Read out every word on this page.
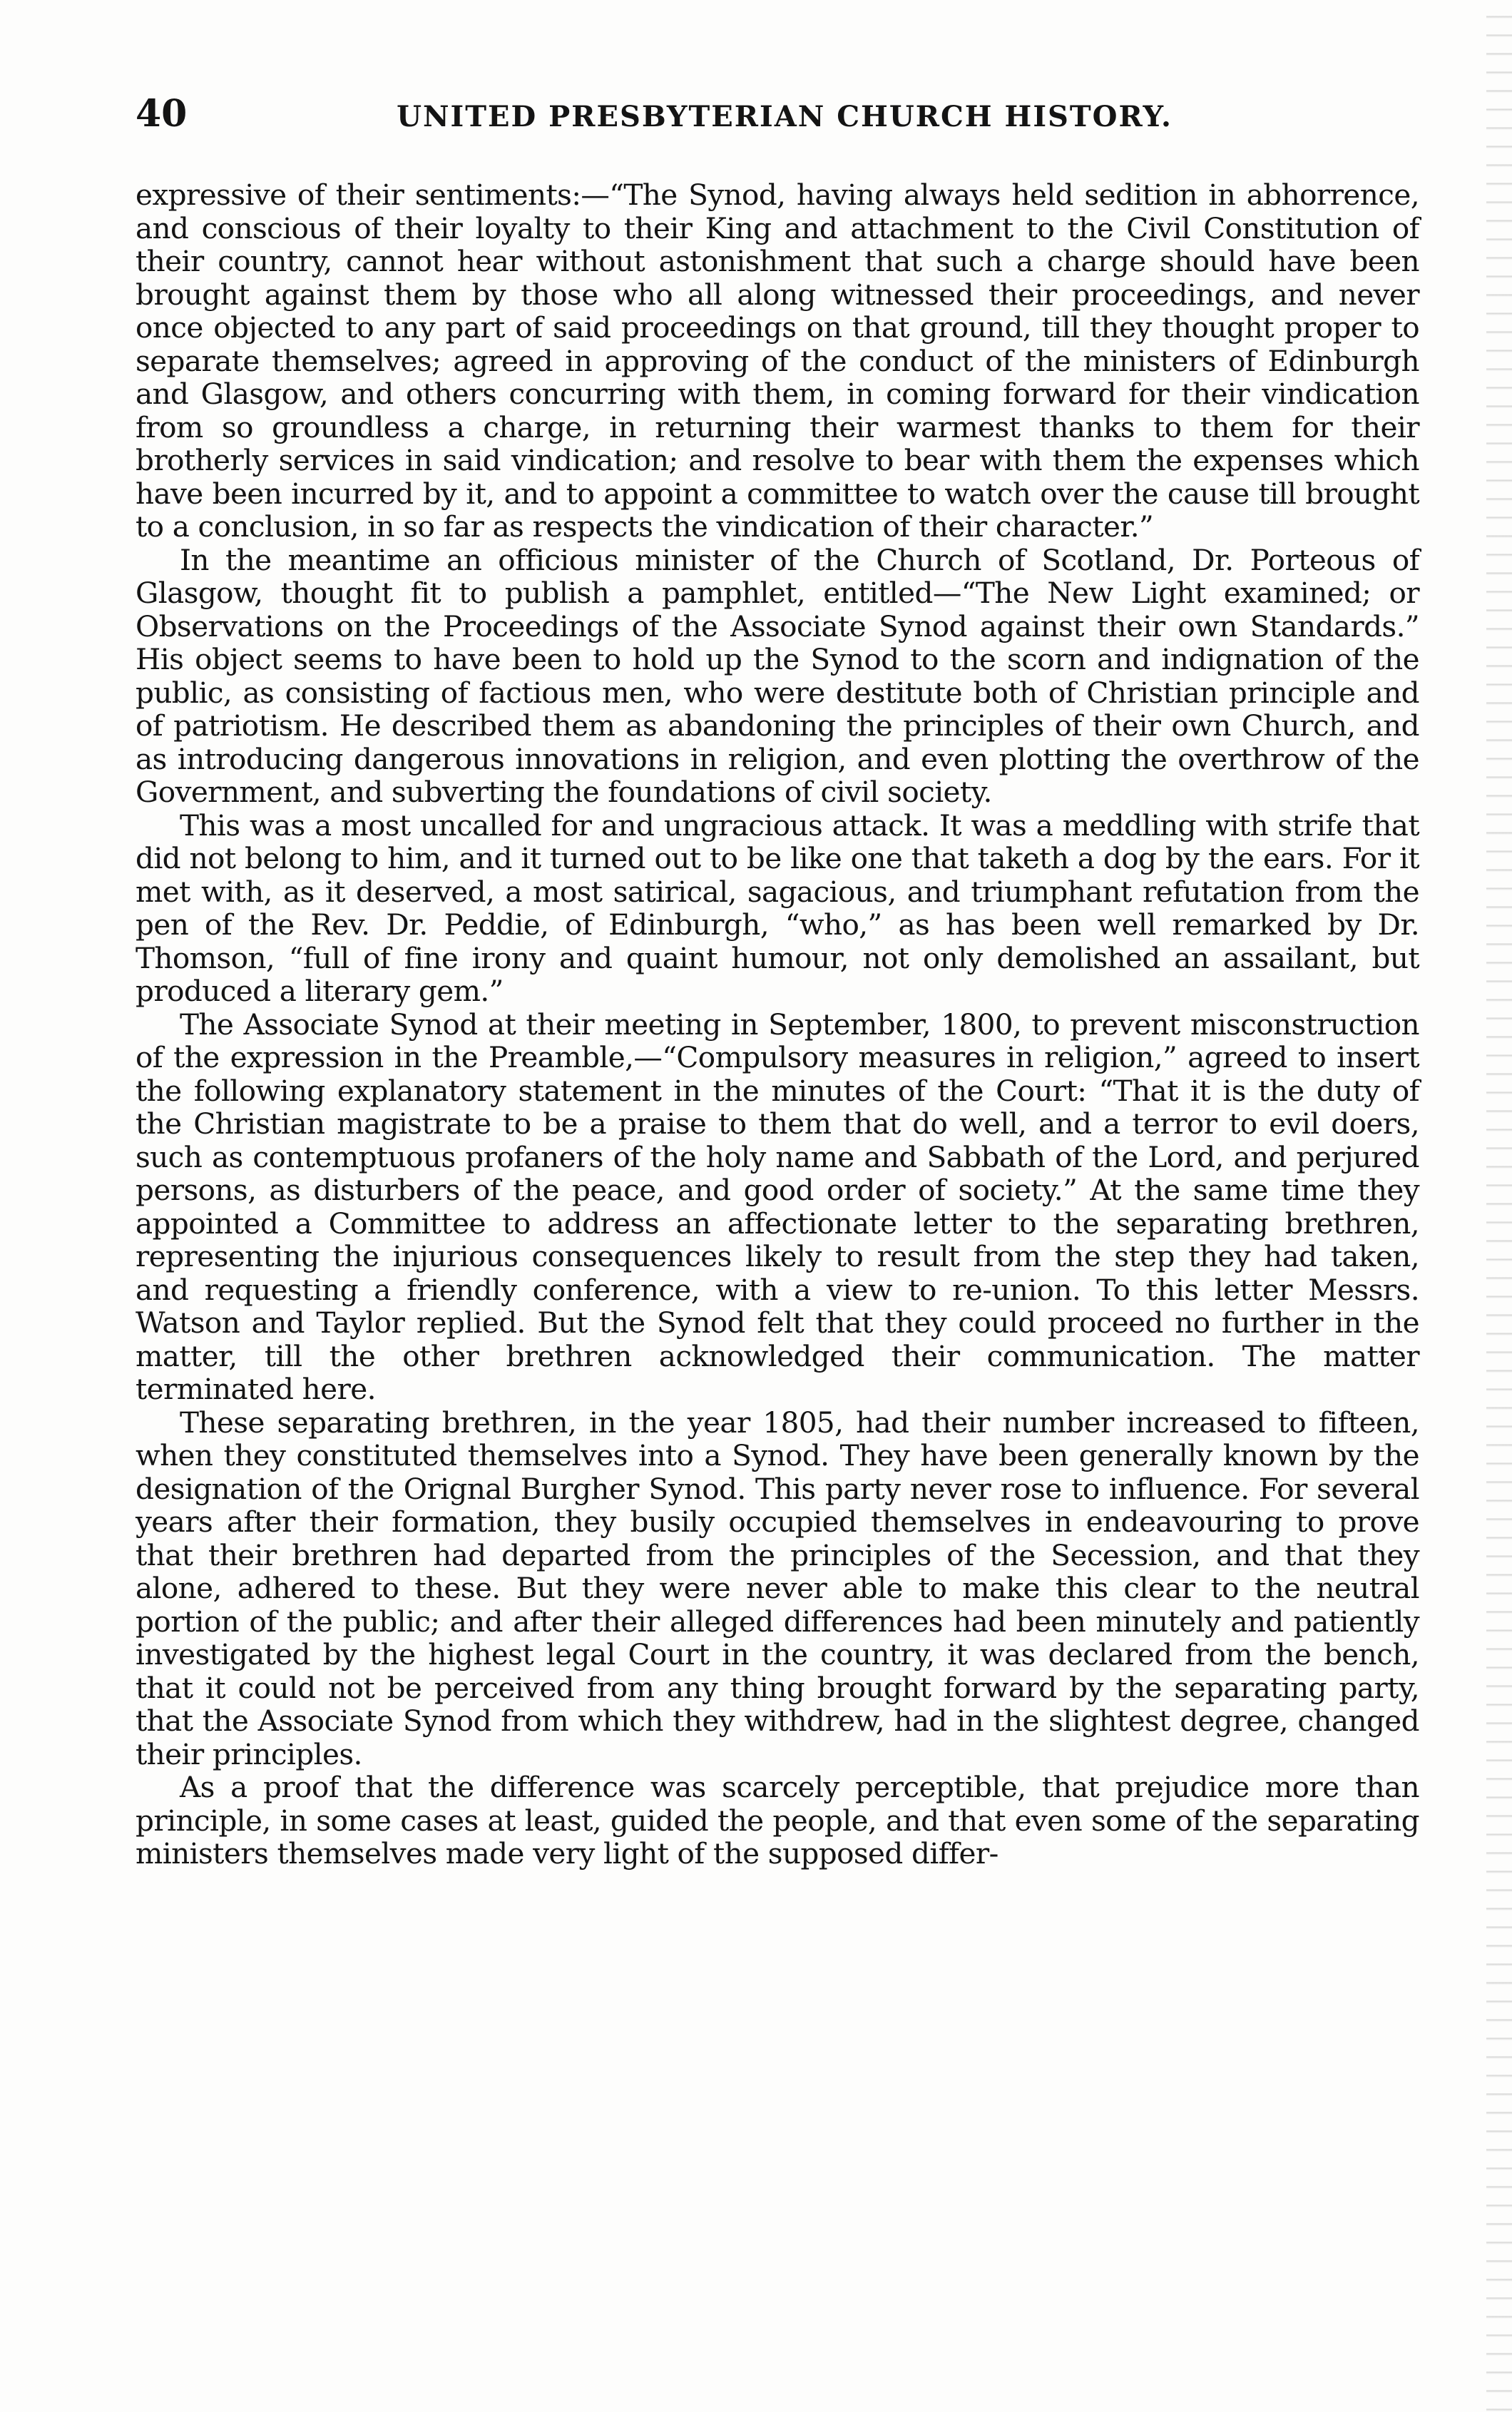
40	UNITED PRESBYTERIAN CHURCH HISTORY.

expressive of their sentiments:—“The Synod, having always held sedition in abhorrence, and conscious of their loyalty to their King and attachment to the Civil Constitution of their country, cannot hear without astonishment that such a charge should have been brought against them by those who all along witnessed their proceedings, and never once objected to any part of said proceedings on that ground, till they thought proper to separate themselves; agreed in approving of the conduct of the ministers of Edinburgh and Glasgow, and others concurring with them, in coming forward for their vindication from so groundless a charge, in returning their warmest thanks to them for their brotherly services in said vindication; and resolve to bear with them the expenses which have been incurred by it, and to appoint a committee to watch over the cause till brought to a conclusion, in so far as respects the vindication of their character.”

In the meantime an officious minister of the Church of Scotland, Dr. Porteous of Glasgow, thought fit to publish a pamphlet, entitled—“The New Light examined; or Observations on the Proceedings of the Associate Synod against their own Standards.” His object seems to have been to hold up the Synod to the scorn and indignation of the public, as consisting of factious men, who were destitute both of Christian principle and of patriotism. He described them as abandoning the principles of their own Church, and as introducing dangerous innovations in religion, and even plotting the overthrow of the Government, and subverting the foundations of civil society.

This was a most uncalled for and ungracious attack. It was a meddling with strife that did not belong to him, and it turned out to be like one that taketh a dog by the ears. For it met with, as it deserved, a most satirical, sagacious, and triumphant refutation from the pen of the Rev. Dr. Peddie, of Edinburgh, “who,” as has been well remarked by Dr. Thomson, “full of fine irony and quaint humour, not only demolished an assailant, but produced a literary gem.”

The Associate Synod at their meeting in September, 1800, to prevent misconstruction of the expression in the Preamble,—“Compulsory measures in religion,” agreed to insert the following explanatory statement in the minutes of the Court: “That it is the duty of the Christian magistrate to be a praise to them that do well, and a terror to evil doers, such as contemptuous profaners of the holy name and Sabbath of the Lord, and perjured persons, as disturbers of the peace, and good order of society.” At the same time they appointed a Committee to address an affectionate letter to the separating brethren, representing the injurious consequences likely to result from the step they had taken, and requesting a friendly conference, with a view to re-union. To this letter Messrs. Watson and Taylor replied. But the Synod felt that they could proceed no further in the matter, till the other brethren acknowledged their communication. The matter terminated here.

These separating brethren, in the year 1805, had their number increased to fifteen, when they constituted themselves into a Synod. They have been generally known by the designation of the Orignal Burgher Synod. This party never rose to influence. For several years after their formation, they busily occupied themselves in endeavouring to prove that their brethren had departed from the principles of the Secession, and that they alone, adhered to these. But they were never able to make this clear to the neutral portion of the public; and after their alleged differences had been minutely and patiently investigated by the highest legal Court in the country, it was declared from the bench, that it could not be perceived from any thing brought forward by the separating party, that the Associate Synod from which they withdrew, had in the slightest degree, changed their principles.

As a proof that the difference was scarcely perceptible, that prejudice more than principle, in some cases at least, guided the people, and that even some of the separating ministers themselves made very light of the supposed differ-
